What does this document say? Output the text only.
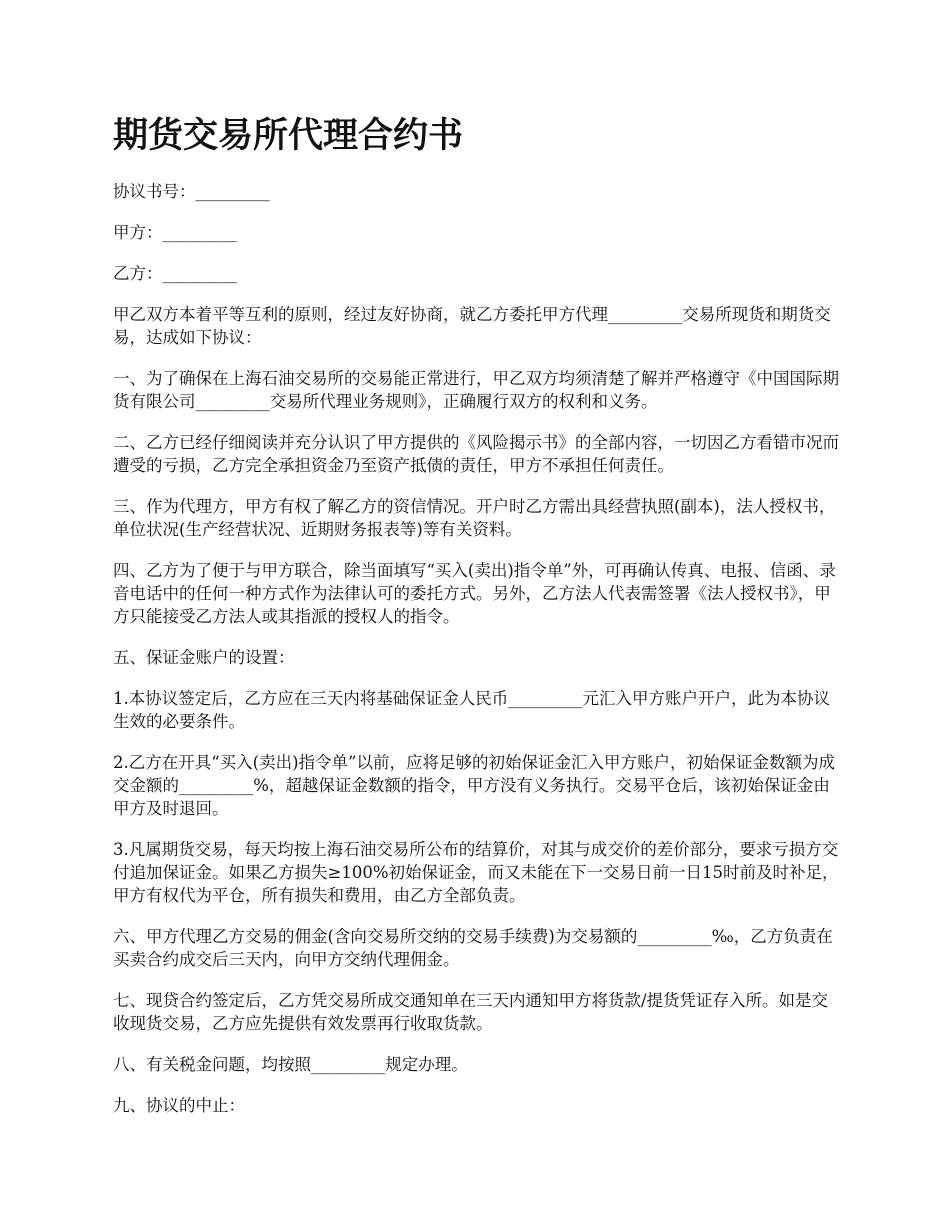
期货交易所代理合约书

协议书号：_________

甲方：_________

乙方：_________

甲乙双方本着平等互利的原则，经过友好协商，就乙方委托甲方代理_________交易所现货和期货交易，达成如下协议：

一、为了确保在上海石油交易所的交易能正常进行，甲乙双方均须清楚了解并严格遵守《中国国际期货有限公司_________交易所代理业务规则》，正确履行双方的权利和义务。

二、乙方已经仔细阅读并充分认识了甲方提供的《风险揭示书》的全部内容，一切因乙方看错市况而遭受的亏损，乙方完全承担资金乃至资产抵债的责任，甲方不承担任何责任。

三、作为代理方，甲方有权了解乙方的资信情况。开户时乙方需出具经营执照(副本)，法人授权书，单位状况(生产经营状况、近期财务报表等)等有关资料。

四、乙方为了便于与甲方联合，除当面填写“买入(卖出)指令单”外，可再确认传真、电报、信函、录音电话中的任何一种方式作为法律认可的委托方式。另外，乙方法人代表需签署《法人授权书》，甲方只能接受乙方法人或其指派的授权人的指令。

五、保证金账户的设置：

1.本协议签定后，乙方应在三天内将基础保证金人民币_________元汇入甲方账户开户，此为本协议生效的必要条件。

2.乙方在开具“买入(卖出)指令单”以前，应将足够的初始保证金汇入甲方账户，初始保证金数额为成交金额的_________%，超越保证金数额的指令，甲方没有义务执行。交易平仓后，该初始保证金由甲方及时退回。

3.凡属期货交易，每天均按上海石油交易所公布的结算价，对其与成交价的差价部分，要求亏损方交付追加保证金。如果乙方损失≥100%初始保证金，而又未能在下一交易日前一日15时前及时补足，甲方有权代为平仓，所有损失和费用，由乙方全部负责。

六、甲方代理乙方交易的佣金(含向交易所交纳的交易手续费)为交易额的_________‰，乙方负责在买卖合约成交后三天内，向甲方交纳代理佣金。

七、现贷合约签定后，乙方凭交易所成交通知单在三天内通知甲方将货款/提货凭证存入所。如是交收现货交易，乙方应先提供有效发票再行收取货款。

八、有关税金问题，均按照_________规定办理。

九、协议的中止：
